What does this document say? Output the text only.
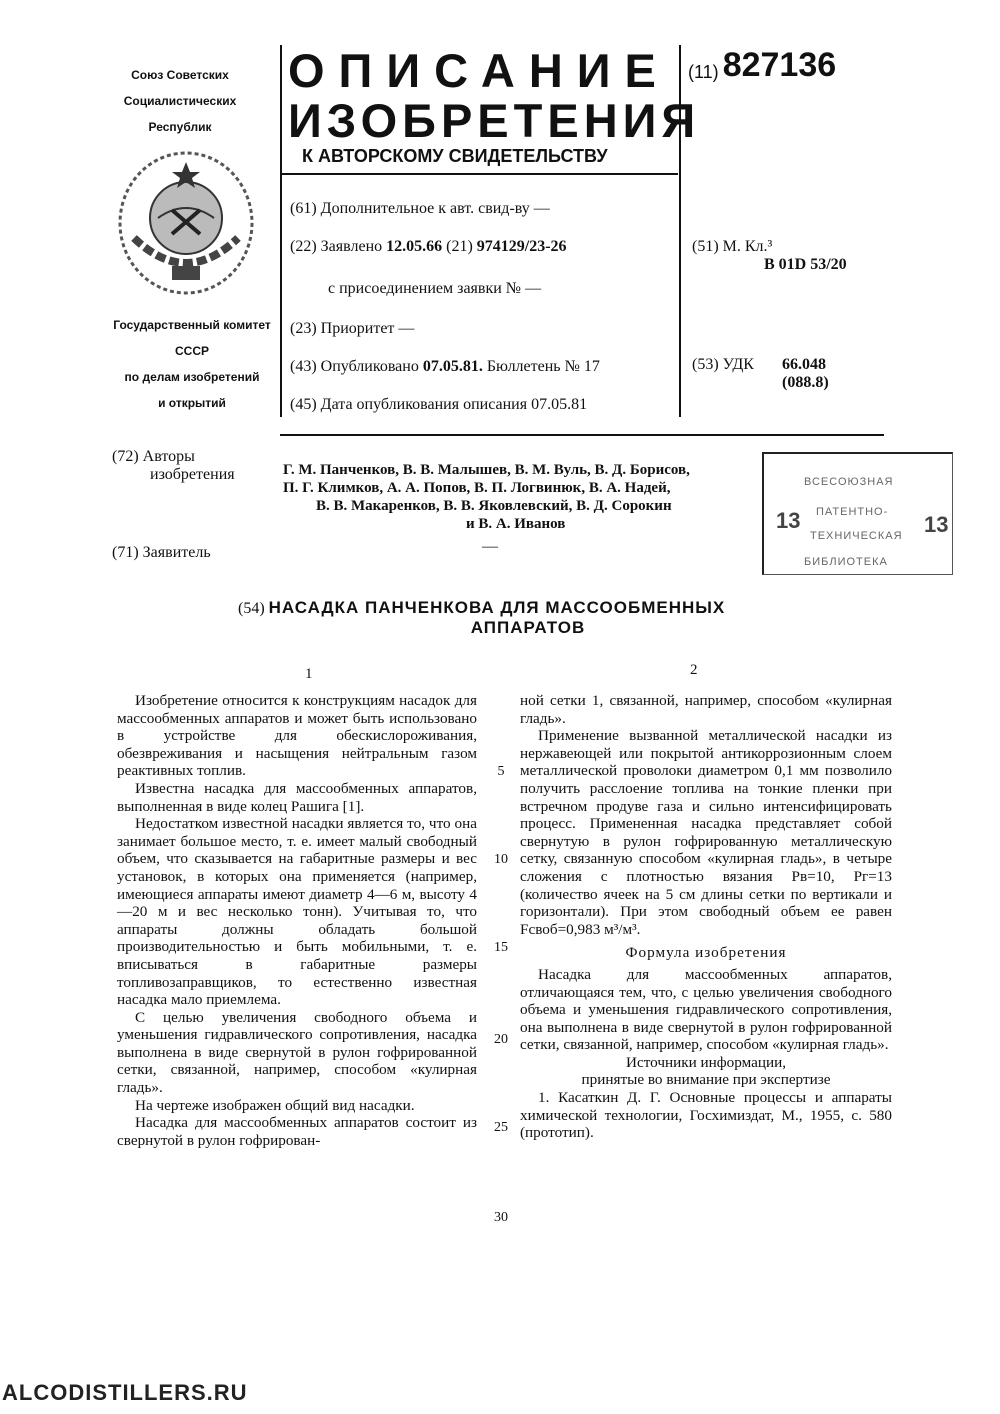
Союз Советских
Социалистических
Республик
Государственный комитет
СССР
по делам изобретений
и открытий
ОПИСАНИЕ
ИЗОБРЕТЕНИЯ
К АВТОРСКОМУ СВИДЕТЕЛЬСТВУ
(11) 827136
(61) Дополнительное к авт. свид-ву —
(22) Заявлено 12.05.66 (21) 974129/23-26
с присоединением заявки № —
(23) Приоритет —
(43) Опубликовано 07.05.81. Бюллетень № 17
(45) Дата опубликования описания 07.05.81
(51) М. Кл.³
B 01D 53/20
(53) УДК 66.048
(088.8)
(72) Авторы
изобретения	Г. М. Панченков, В. В. Малышев, В. М. Вуль, В. Д. Борисов,
П. Г. Климков, А. А. Попов, В. П. Логвинюк, В. А. Надей,
В. В. Макаренков, В. В. Яковлевский, В. Д. Сорокин
и В. А. Иванов
(71) Заявитель	—
ВСЕСОЮЗНАЯ
ПАТЕНТНО-
ТЕХНИЧЕСКАЯ
БИБЛИОТЕКА
13	13
(54) НАСАДКА ПАНЧЕНКОВА ДЛЯ МАССООБМЕННЫХ
АППАРАТОВ
1	2

Изобретение относится к конструкциям насадок для массообменных аппаратов и может быть использовано в устройстве для обескислороживания, обезвреживания и насыщения нейтральным газом реактивных топлив.

Известна насадка для массообменных аппаратов, выполненная в виде колец Рашига [1].

Недостатком известной насадки является то, что она занимает большое место, т. е. имеет малый свободный объем, что сказывается на габаритные размеры и вес установок, в которых она применяется (например, имеющиеся аппараты имеют диаметр 4—6 м, высоту 4—20 м и вес несколько тонн). Учитывая то, что аппараты должны обладать большой производительностью и быть мобильными, т. е. вписываться в габаритные размеры топливозаправщиков, то естественно известная насадка мало приемлема.

С целью увеличения свободного объема и уменьшения гидравлического сопротивления, насадка выполнена в виде свернутой в рулон гофрированной сетки, связанной, например, способом «кулирная гладь».

На чертеже изображен общий вид насадки.

Насадка для массообменных аппаратов состоит из свернутой в рулон гофрирован-

5
10
15
20
25
30

ной сетки 1, связанной, например, способом «кулирная гладь».

Применение вызванной металлической насадки из нержавеющей или покрытой антикоррозионным слоем металлической проволоки диаметром 0,1 мм позволило получить расслоение топлива на тонкие пленки при встречном продуве газа и сильно интенсифицировать процесс. Примененная насадка представляет собой свернутую в рулон гофрированную металлическую сетку, связанную способом «кулирная гладь», в четыре сложения с плотностью вязания Pв=10, Pг=13 (количество ячеек на 5 см длины сетки по вертикали и горизонтали). При этом свободный объем ее равен Fсвоб=0,983 м³/м³.

Формула изобретения

Насадка для массообменных аппаратов, отличающаяся тем, что, с целью увеличения свободного объема и уменьшения гидравлического сопротивления, она выполнена в виде свернутой в рулон гофрированной сетки, связанной, например, способом «кулирная гладь».

Источники информации,
принятые во внимание при экспертизе

1. Касаткин Д. Г. Основные процессы и аппараты химической технологии, Госхимиздат, М., 1955, с. 580 (прототип).

ALCODISTILLERS.RU
